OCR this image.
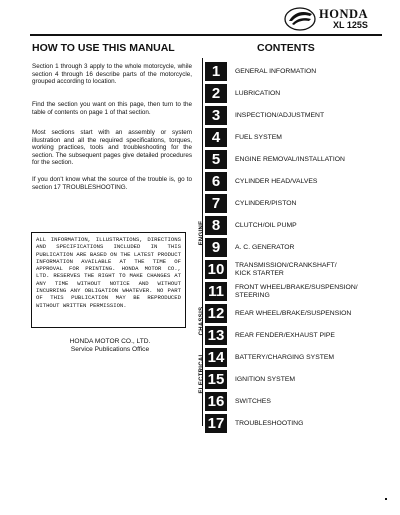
HONDA
XL 125S
HOW TO USE THIS MANUAL
Section 1 through 3 apply to the whole motorcycle, while section 4 through 16 describe parts of the motorcycle, grouped according to location.
Find the section you want on this page, then turn to the table of contents on page 1 of that section.
Most sections start with an assembly or system illustration and all the required specifications, torques, working practices, tools and troubleshooting for the section. The subsequent pages give detailed procedures for the section.
If you don't know what the source of the trouble is, go to section 17 TROUBLESHOOTING.
ALL INFORMATION, ILLUSTRATIONS, DIRECTIONS AND SPECIFICATIONS INCLUDED IN THIS PUBLICATION ARE BASED ON THE LATEST PRODUCT INFORMATION AVAILABLE AT THE TIME OF APPROVAL FOR PRINTING. HONDA MOTOR CO., LTD. RESERVES THE RIGHT TO MAKE CHANGES AT ANY TIME WITHOUT NOTICE AND WITHOUT INCURRING ANY OBLIGATION WHATEVER. NO PART OF THIS PUBLICATION MAY BE REPRODUCED WITHOUT WRITTEN PERMISSION.
HONDA MOTOR CO., LTD.
Service Publications Office
CONTENTS
ENGINE
CHASSIS
ELECTRICAL
1	GENERAL INFORMATION
2	LUBRICATION
3	INSPECTION/ADJUSTMENT
4	FUEL SYSTEM
5	ENGINE REMOVAL/INSTALLATION
6	CYLINDER HEAD/VALVES
7	CYLINDER/PISTON
8	CLUTCH/OIL PUMP
9	A. C. GENERATOR
10	TRANSMISSION/CRANKSHAFT/
KICK STARTER
11	FRONT WHEEL/BRAKE/SUSPENSION/
STEERING
12	REAR WHEEL/BRAKE/SUSPENSION
13	REAR FENDER/EXHAUST PIPE
14	BATTERY/CHARGING SYSTEM
15	IGNITION SYSTEM
16	SWITCHES
17	TROUBLESHOOTING
